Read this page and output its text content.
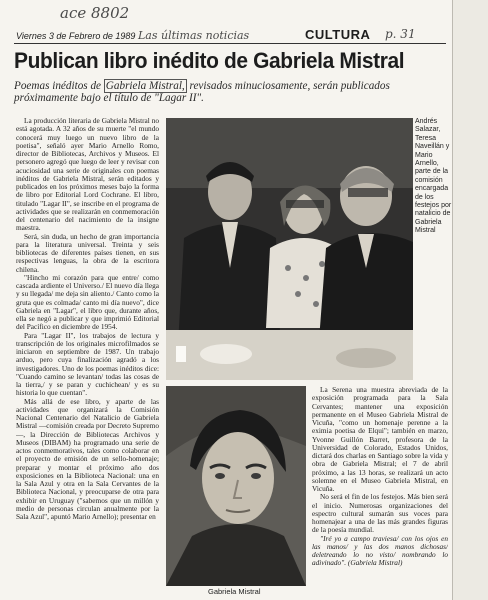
ace 8802
Las últimas noticias	p. 31
Viernes 3 de Febrero de 1989	CULTURA
Publican libro inédito de Gabriela Mistral
Poemas inéditos de Gabriela Mistral, revisados minuciosamente, serán publicados próximamente bajo el título de "Lagar II".

La producción literaria de Gabriela Mistral no está agotada. A 32 años de su muerte "el mundo conocerá muy luego un nuevo libro de la poetisa", señaló ayer Mario Arnello Romo, director de Bibliotecas, Archivos y Museos. El personero agregó que luego de leer y revisar con acuciosidad una serie de originales con poemas inéditos de Gabriela Mistral, serán editados y publicados en los próximos meses bajo la forma de libro por Editorial Lord Cochrane. El libro, titulado "Lagar II", se inscribe en el programa de actividades que se realizarán en conmemoración del centenario del nacimiento de la insigne maestra.

Será, sin duda, un hecho de gran importancia para la literatura universal. Treinta y seis bibliotecas de diferentes países tienen, en sus respectivas lenguas, la obra de la escritora chilena.

"Hincho mi corazón para que entre/ como cascada ardiente el Universo./ El nuevo día llega y su llegada/ me deja sin aliento./ Canto como la gruta que es colmada/ canto mi día nuevo", dice Gabriela en "Lagar", el libro que, durante años, ella se negó a publicar y que imprimió Editorial del Pacífico en diciembre de 1954.

Para "Lagar II", los trabajos de lectura y transcripción de los originales microfilmados se iniciaron en septiembre de 1987. Un trabajo arduo, pero cuya finalización agradó a los investigadores. Uno de los poemas inéditos dice: "Cuando camino se levantan/ todas las cosas de la tierra,/ y se paran y cuchichean/ y es su historia lo que cuentan".

Más allá de ese libro, y aparte de las actividades que organizará la Comisión Nacional Centenario del Natalicio de Gabriela Mistral —comisión creada por Decreto Supremo—, la Dirección de Bibliotecas Archivos y Museos (DIBAM) ha programado una serie de actos conmemorativos, tales como colaborar en el proyecto de emisión de un sello-homenaje; preparar y montar el próximo año dos exposiciones en la Biblioteca Nacional: una en la Sala Azul y otra en la Sala Cervantes de la Biblioteca Nacional, y preocuparse de otra para exhibir en Uruguay ("sabemos que un millón y medio de personas circulan anualmente por la Sala Azul", apuntó Mario Arnello); presentar en

Andrés Salazar, Teresa Naveillán y Mario Arnello, parte de la comisión encargada de los festejos por natalicio de Gabriela Mistral
Gabriela Mistral

La Serena una muestra abreviada de la exposición programada para la Sala Cervantes; mantener una exposición permanente en el Museo Gabriela Mistral de Vicuña, "como un homenaje perenne a la eximia poetisa de Elqui"; también en marzo, Yvonne Guillón Barret, profesora de la Universidad de Colorado, Estados Unidos, dictará dos charlas en Santiago sobre la vida y obra de Gabriela Mistral; el 7 de abril próximo, a las 13 horas, se realizará un acto solemne en el Museo Gabriela Mistral, en Vicuña.

No será el fin de los festejos. Más bien será el inicio. Numerosas organizaciones del espectro cultural sumarán sus voces para homenajear a una de las más grandes figuras de la poesía mundial.

"Iré yo a campo traviesa/ con los ojos en las manos/ y las dos manos dichosas/ deletreando lo no visto/ nombrando lo adivinado". (Gabriela Mistral)
